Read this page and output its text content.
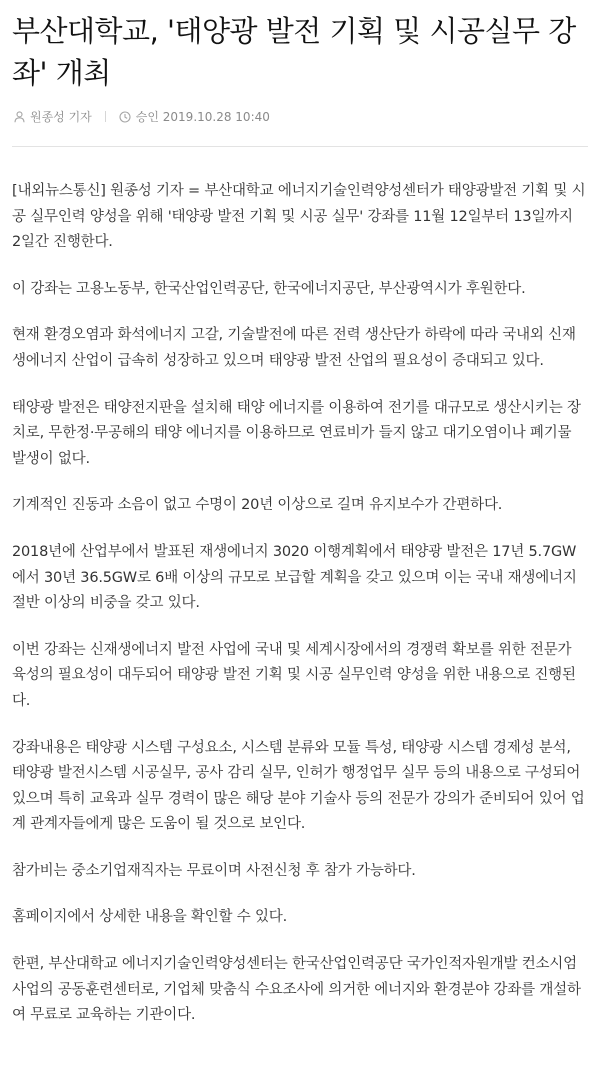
부산대학교, '태양광 발전 기획 및 시공실무 강좌' 개최
원종성 기자	승인 2019.10.28 10:40

[내외뉴스통신] 원종성 기자 = 부산대학교 에너지기술인력양성센터가 태양광발전 기획 및 시공 실무인력 양성을 위해 '태양광 발전 기획 및 시공 실무' 강좌를 11월 12일부터 13일까지 2일간 진행한다.

이 강좌는 고용노동부, 한국산업인력공단, 한국에너지공단, 부산광역시가 후원한다.

현재 환경오염과 화석에너지 고갈, 기술발전에 따른 전력 생산단가 하락에 따라 국내외 신재생에너지 산업이 급속히 성장하고 있으며 태양광 발전 산업의 필요성이 증대되고 있다.

태양광 발전은 태양전지판을 설치해 태양 에너지를 이용하여 전기를 대규모로 생산시키는 장치로, 무한정·무공해의 태양 에너지를 이용하므로 연료비가 들지 않고 대기오염이나 폐기물 발생이 없다.

기계적인 진동과 소음이 없고 수명이 20년 이상으로 길며 유지보수가 간편하다.

2018년에 산업부에서 발표된 재생에너지 3020 이행계획에서 태양광 발전은 17년 5.7GW에서 30년 36.5GW로 6배 이상의 규모로 보급할 계획을 갖고 있으며 이는 국내 재생에너지 절반 이상의 비중을 갖고 있다.

이번 강좌는 신재생에너지 발전 사업에 국내 및 세계시장에서의 경쟁력 확보를 위한 전문가 육성의 필요성이 대두되어 태양광 발전 기획 및 시공 실무인력 양성을 위한 내용으로 진행된다.

강좌내용은 태양광 시스템 구성요소, 시스템 분류와 모듈 특성, 태양광 시스템 경제성 분석, 태양광 발전시스템 시공실무, 공사 감리 실무, 인허가 행정업무 실무 등의 내용으로 구성되어 있으며 특히 교육과 실무 경력이 많은 해당 분야 기술사 등의 전문가 강의가 준비되어 있어 업계 관계자들에게 많은 도움이 될 것으로 보인다.

참가비는 중소기업재직자는 무료이며 사전신청 후 참가 가능하다.

홈페이지에서 상세한 내용을 확인할 수 있다.

한편, 부산대학교 에너지기술인력양성센터는 한국산업인력공단 국가인적자원개발 컨소시엄 사업의 공동훈련센터로, 기업체 맞춤식 수요조사에 의거한 에너지와 환경분야 강좌를 개설하여 무료로 교육하는 기관이다.
